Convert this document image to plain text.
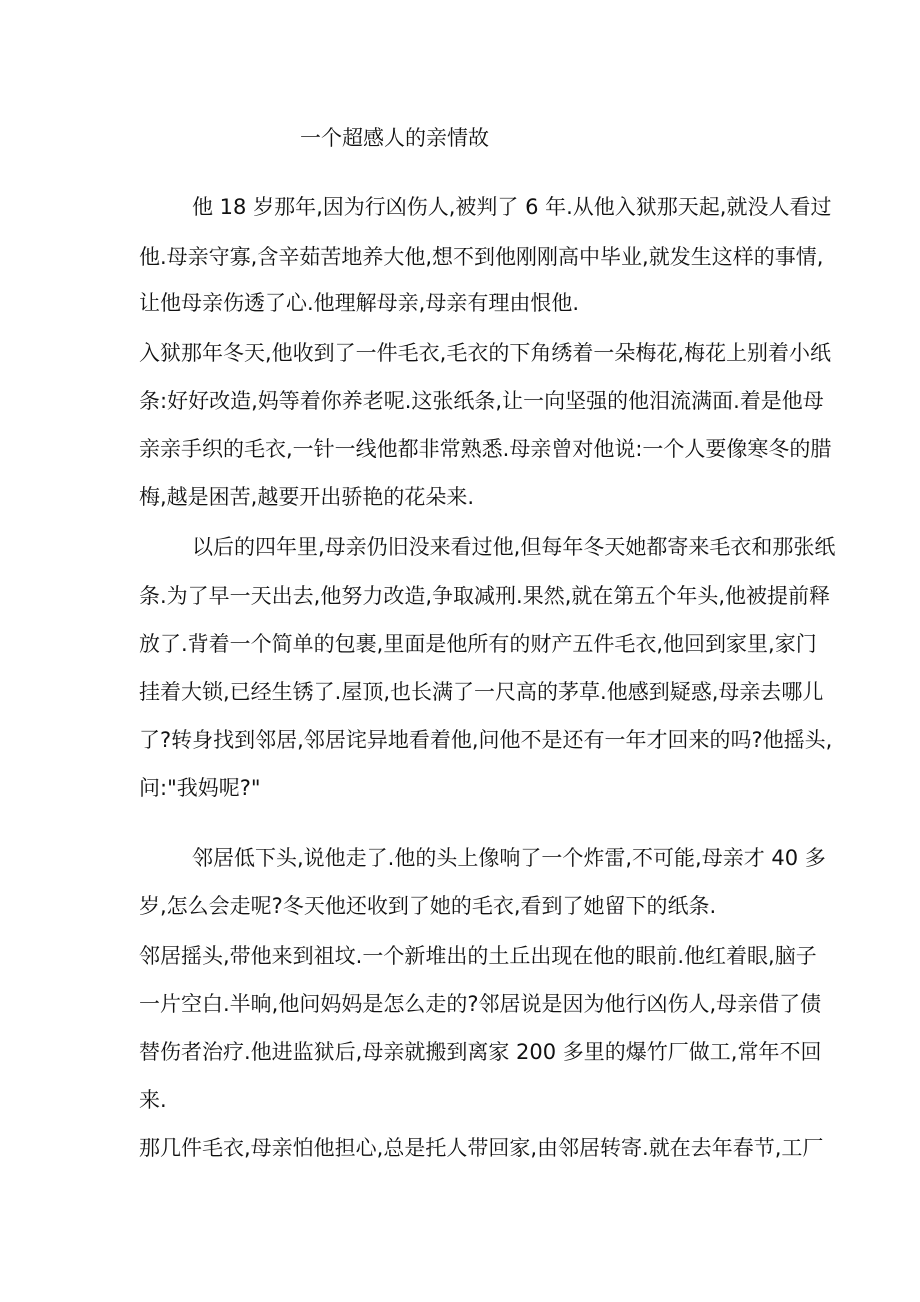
一个超感人的亲情故
他 18 岁那年,因为行凶伤人,被判了 6 年.从他入狱那天起,就没人看过
他.母亲守寡,含辛茹苦地养大他,想不到他刚刚高中毕业,就发生这样的事情,
让他母亲伤透了心.他理解母亲,母亲有理由恨他.
入狱那年冬天,他收到了一件毛衣,毛衣的下角绣着一朵梅花,梅花上别着小纸
条:好好改造,妈等着你养老呢.这张纸条,让一向坚强的他泪流满面.着是他母
亲亲手织的毛衣,一针一线他都非常熟悉.母亲曾对他说:一个人要像寒冬的腊
梅,越是困苦,越要开出骄艳的花朵来.
以后的四年里,母亲仍旧没来看过他,但每年冬天她都寄来毛衣和那张纸
条.为了早一天出去,他努力改造,争取减刑.果然,就在第五个年头,他被提前释
放了.背着一个简单的包裹,里面是他所有的财产五件毛衣,他回到家里,家门
挂着大锁,已经生锈了.屋顶,也长满了一尺高的茅草.他感到疑惑,母亲去哪儿
了?转身找到邻居,邻居诧异地看着他,问他不是还有一年才回来的吗?他摇头,
问:"我妈呢?"
邻居低下头,说他走了.他的头上像响了一个炸雷,不可能,母亲才 40 多
岁,怎么会走呢?冬天他还收到了她的毛衣,看到了她留下的纸条.
邻居摇头,带他来到祖坟.一个新堆出的土丘出现在他的眼前.他红着眼,脑子
一片空白.半晌,他问妈妈是怎么走的?邻居说是因为他行凶伤人,母亲借了债
替伤者治疗.他进监狱后,母亲就搬到离家 200 多里的爆竹厂做工,常年不回
来.
那几件毛衣,母亲怕他担心,总是托人带回家,由邻居转寄.就在去年春节,工厂
